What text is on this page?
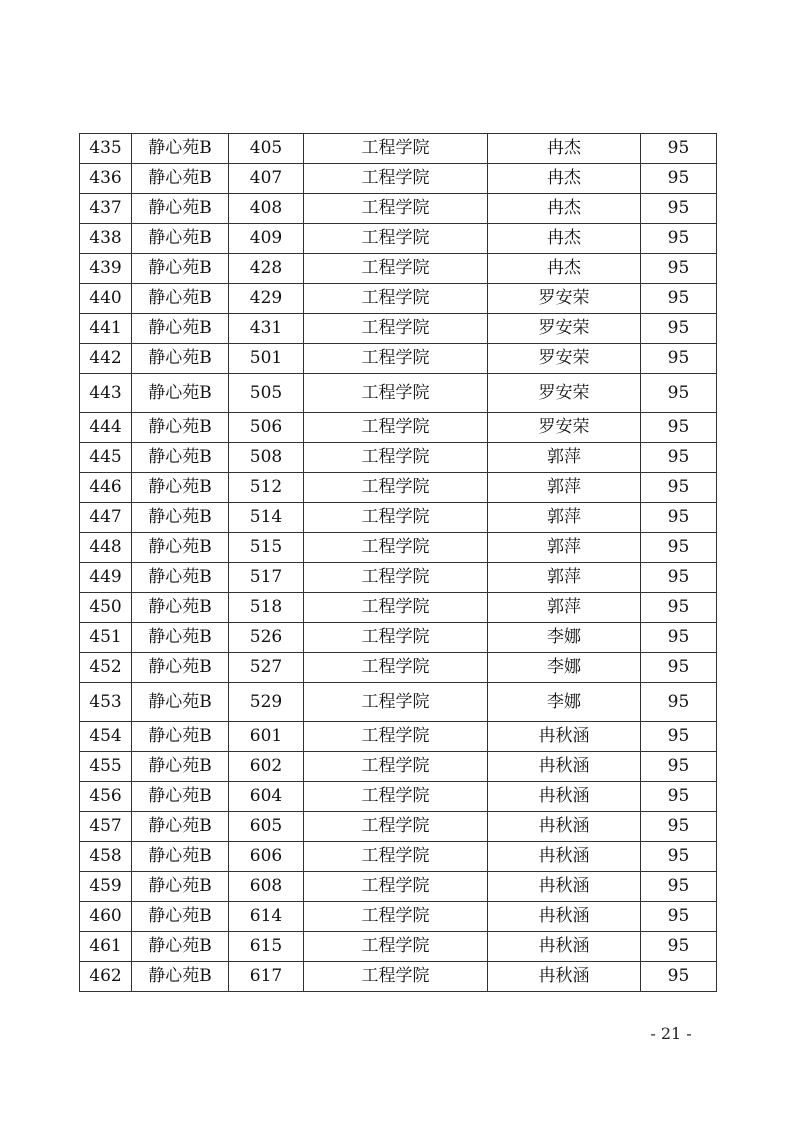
435	静心苑B	405	工程学院	冉杰	95
436	静心苑B	407	工程学院	冉杰	95
437	静心苑B	408	工程学院	冉杰	95
438	静心苑B	409	工程学院	冉杰	95
439	静心苑B	428	工程学院	冉杰	95
440	静心苑B	429	工程学院	罗安荣	95
441	静心苑B	431	工程学院	罗安荣	95
442	静心苑B	501	工程学院	罗安荣	95
443	静心苑B	505	工程学院	罗安荣	95
444	静心苑B	506	工程学院	罗安荣	95
445	静心苑B	508	工程学院	郭萍	95
446	静心苑B	512	工程学院	郭萍	95
447	静心苑B	514	工程学院	郭萍	95
448	静心苑B	515	工程学院	郭萍	95
449	静心苑B	517	工程学院	郭萍	95
450	静心苑B	518	工程学院	郭萍	95
451	静心苑B	526	工程学院	李娜	95
452	静心苑B	527	工程学院	李娜	95
453	静心苑B	529	工程学院	李娜	95
454	静心苑B	601	工程学院	冉秋涵	95
455	静心苑B	602	工程学院	冉秋涵	95
456	静心苑B	604	工程学院	冉秋涵	95
457	静心苑B	605	工程学院	冉秋涵	95
458	静心苑B	606	工程学院	冉秋涵	95
459	静心苑B	608	工程学院	冉秋涵	95
460	静心苑B	614	工程学院	冉秋涵	95
461	静心苑B	615	工程学院	冉秋涵	95
462	静心苑B	617	工程学院	冉秋涵	95
- 21 -
